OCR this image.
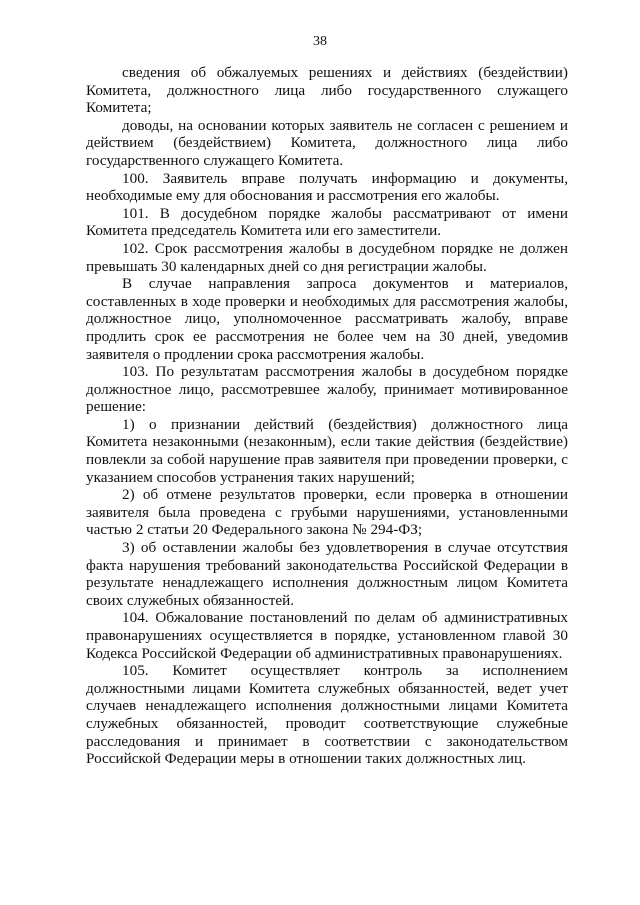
38

сведения об обжалуемых решениях и действиях (бездействии) Комитета, должностного лица либо государственного служащего Комитета;

доводы, на основании которых заявитель не согласен с решением и действием (бездействием) Комитета, должностного лица либо государственного служащего Комитета.

100. Заявитель вправе получать информацию и документы, необходимые ему для обоснования и рассмотрения его жалобы.

101. В досудебном порядке жалобы рассматривают от имени Комитета председатель Комитета или его заместители.

102. Срок рассмотрения жалобы в досудебном порядке не должен превышать 30 календарных дней со дня регистрации жалобы.

В случае направления запроса документов и материалов, составленных в ходе проверки и необходимых для рассмотрения жалобы, должностное лицо, уполномоченное рассматривать жалобу, вправе продлить срок ее рассмотрения не более чем на 30 дней, уведомив заявителя о продлении срока рассмотрения жалобы.

103. По результатам рассмотрения жалобы в досудебном порядке должностное лицо, рассмотревшее жалобу, принимает мотивированное решение:

1) о признании действий (бездействия) должностного лица Комитета незаконными (незаконным), если такие действия (бездействие) повлекли за собой нарушение прав заявителя при проведении проверки, с указанием способов устранения таких нарушений;

2) об отмене результатов проверки, если проверка в отношении заявителя была проведена с грубыми нарушениями, установленными частью 2 статьи 20 Федерального закона № 294-ФЗ;

3) об оставлении жалобы без удовлетворения в случае отсутствия факта нарушения требований законодательства Российской Федерации в результате ненадлежащего исполнения должностным лицом Комитета своих служебных обязанностей.

104. Обжалование постановлений по делам об административных правонарушениях осуществляется в порядке, установленном главой 30 Кодекса Российской Федерации об административных правонарушениях.

105. Комитет осуществляет контроль за исполнением должностными лицами Комитета служебных обязанностей, ведет учет случаев ненадлежащего исполнения должностными лицами Комитета служебных обязанностей, проводит соответствующие служебные расследования и принимает в соответствии с законодательством Российской Федерации меры в отношении таких должностных лиц.
